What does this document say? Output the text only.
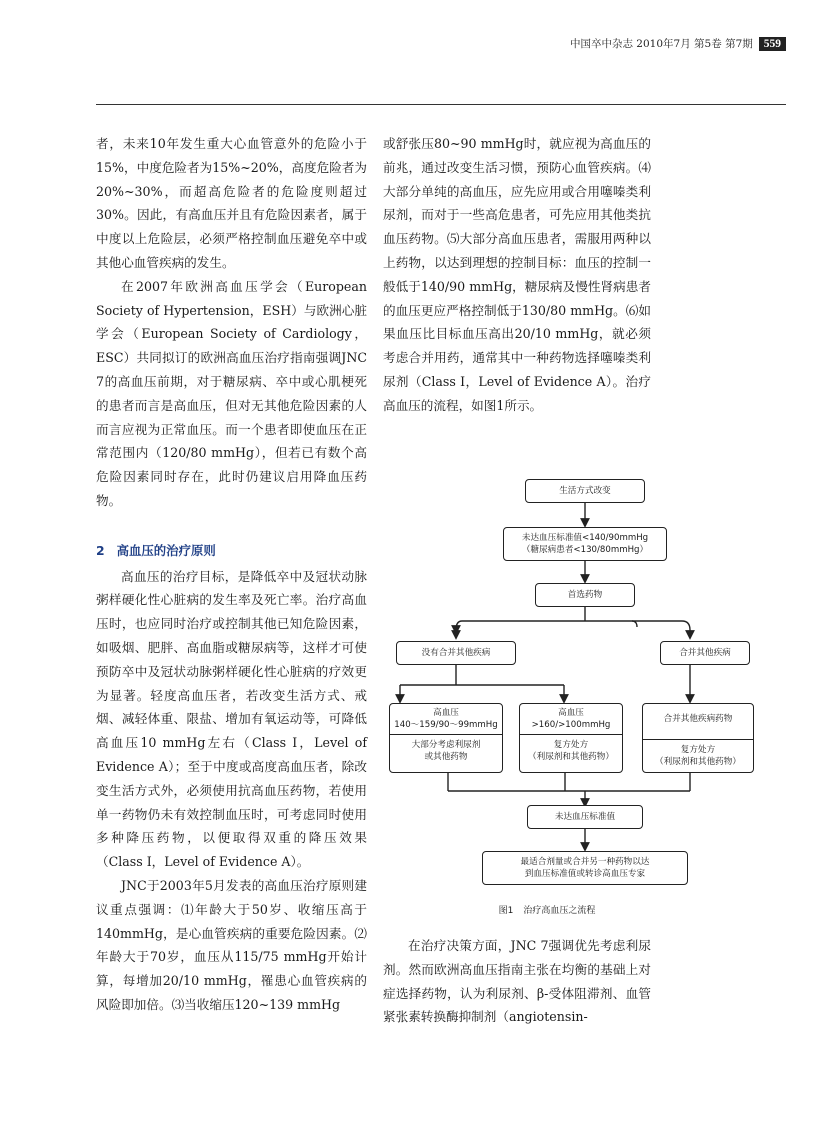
中国卒中杂志 2010年7月 第5卷 第7期 559

者，未来10年发生重大心血管意外的危险小于15%，中度危险者为15%~20%，高度危险者为20%~30%，而超高危险者的危险度则超过30%。因此，有高血压并且有危险因素者，属于中度以上危险层，必须严格控制血压避免卒中或其他心血管疾病的发生。

在2007年欧洲高血压学会（European Society of Hypertension，ESH）与欧洲心脏学会（European Society of Cardiology，ESC）共同拟订的欧洲高血压治疗指南强调JNC 7的高血压前期，对于糖尿病、卒中或心肌梗死的患者而言是高血压，但对无其他危险因素的人而言应视为正常血压。而一个患者即使血压在正常范围内（120/80 mmHg），但若已有数个高危险因素同时存在，此时仍建议启用降血压药物。

2 高血压的治疗原则

高血压的治疗目标，是降低卒中及冠状动脉粥样硬化性心脏病的发生率及死亡率。治疗高血压时，也应同时治疗或控制其他已知危险因素，如吸烟、肥胖、高血脂或糖尿病等，这样才可使预防卒中及冠状动脉粥样硬化性心脏病的疗效更为显著。轻度高血压者，若改变生活方式、戒烟、减轻体重、限盐、增加有氧运动等，可降低高血压10 mmHg左右（Class Ⅰ，Level of Evidence A）；至于中度或高度高血压者，除改变生活方式外，必须使用抗高血压药物，若使用单一药物仍未有效控制血压时，可考虑同时使用多种降压药物，以便取得双重的降压效果（Class Ⅰ，Level of Evidence A）。

JNC于2003年5月发表的高血压治疗原则建议重点强调：⑴年龄大于50岁、收缩压高于140mmHg，是心血管疾病的重要危险因素。⑵年龄大于70岁，血压从115/75 mmHg开始计算，每增加20/10 mmHg，罹患心血管疾病的风险即加倍。⑶当收缩压120~139 mmHg

或舒张压80~90 mmHg时，就应视为高血压的前兆，通过改变生活习惯，预防心血管疾病。⑷大部分单纯的高血压，应先应用或合用噻嗪类利尿剂，而对于一些高危患者，可先应用其他类抗血压药物。⑸大部分高血压患者，需服用两种以上药物，以达到理想的控制目标：血压的控制一般低于140/90 mmHg，糖尿病及慢性肾病患者的血压更应严格控制低于130/80 mmHg。⑹如果血压比目标血压高出20/10 mmHg，就必须考虑合并用药，通常其中一种药物选择噻嗪类利尿剂（Class Ⅰ，Level of Evidence A）。治疗高血压的流程，如图1所示。

生活方式改变
未达血压标准值<140/90mmHg
（糖尿病患者<130/80mmHg）
首选药物
没有合并其他疾病	合并其他疾病
高血压
140～159/90～99mmHg
大部分考虑利尿剂
或其他药物
高血压
>160/>100mmHg
复方处方
（利尿剂和其他药物）
合并其他疾病药物
复方处方
（利尿剂和其他药物）
未达血压标准值
最适合剂量或合并另一种药物以达
到血压标准值或转诊高血压专家
图1 治疗高血压之流程

在治疗决策方面，JNC 7强调优先考虑利尿剂。然而欧洲高血压指南主张在均衡的基础上对症选择药物，认为利尿剂、β-受体阻滞剂、血管紧张素转换酶抑制剂（angiotensin-
